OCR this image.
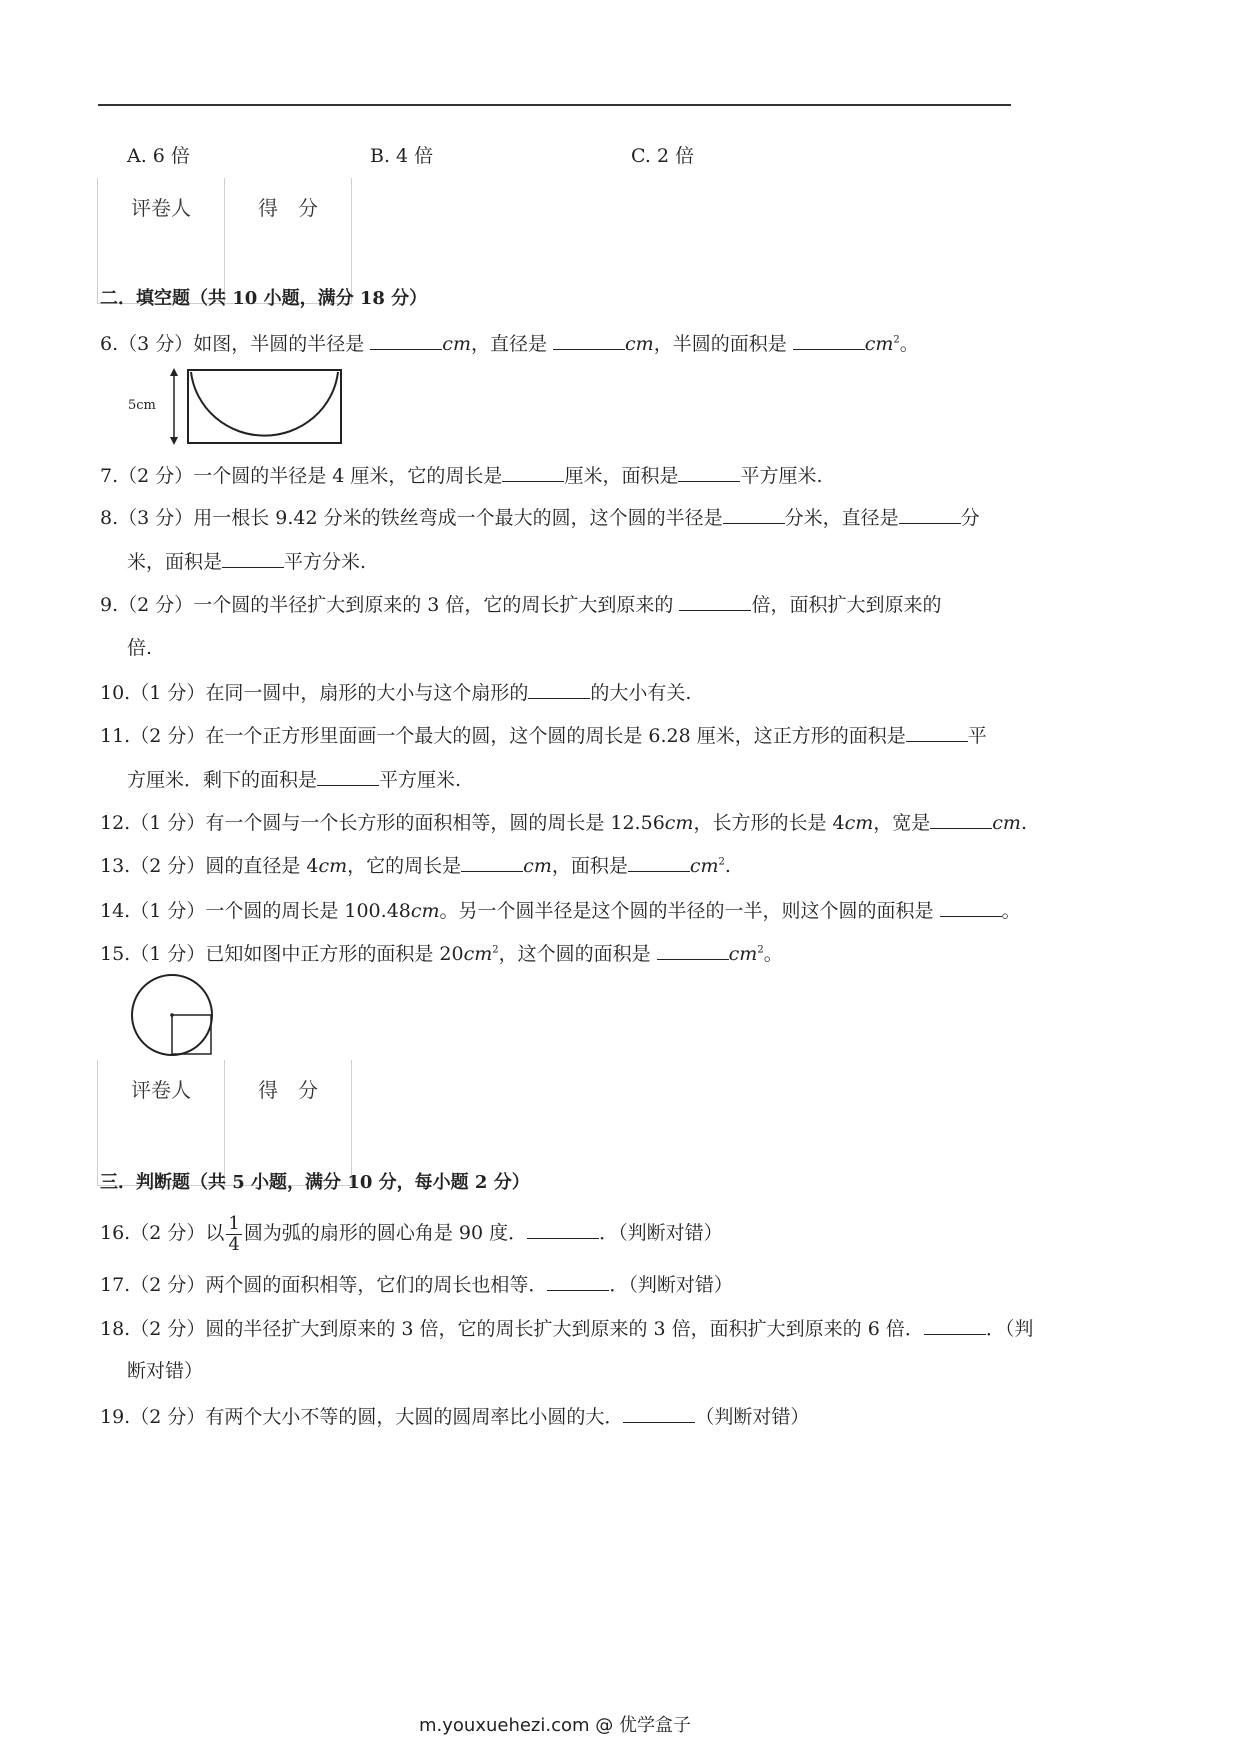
A. 6 倍	B. 4 倍	C. 2 倍
评卷人	得　分
二．填空题（共 10 小题，满分 18 分）
6.（3 分）如图，半圆的半径是	cm，直径是	cm，半圆的面积是	$cm^2$。
5cm
7.（2 分）一个圆的半径是 4 厘米，它的周长是	厘米，面积是	平方厘米.
8.（3 分）用一根长 9.42 分米的铁丝弯成一个最大的圆，这个圆的半径是	分米，直径是	分
米，面积是	平方分米.
9.（2 分）一个圆的半径扩大到原来的 3 倍，它的周长扩大到原来的	倍，面积扩大到原来的
倍.
10.（1 分）在同一圆中，扇形的大小与这个扇形的	的大小有关.
11.（2 分）在一个正方形里面画一个最大的圆，这个圆的周长是 6.28 厘米，这正方形的面积是	平
方厘米．剩下的面积是	平方厘米.
12.（1 分）有一个圆与一个长方形的面积相等，圆的周长是 12.56cm，长方形的长是 4cm，宽是	cm.
13.（2 分）圆的直径是 4cm，它的周长是	cm，面积是	$cm^2$.
14.（1 分）一个圆的周长是 100.48cm。另一个圆半径是这个圆的半径的一半，则这个圆的面积是	。
15.（1 分）已知如图中正方形的面积是 $20cm^2$，这个圆的面积是	$cm^2$。
评卷人	得　分
三．判断题（共 5 小题，满分 10 分，每小题 2 分）
16.（2 分）以 $\frac{1}{4}$ 圆为弧的扇形的圆心角是 90 度．	．（判断对错）
17.（2 分）两个圆的面积相等，它们的周长也相等．	．（判断对错）
18.（2 分）圆的半径扩大到原来的 3 倍，它的周长扩大到原来的 3 倍，面积扩大到原来的 6 倍．	．（判
断对错）
19.（2 分）有两个大小不等的圆，大圆的圆周率比小圆的大．	（判断对错）
m.youxuehezi.com @ 优学盒子
